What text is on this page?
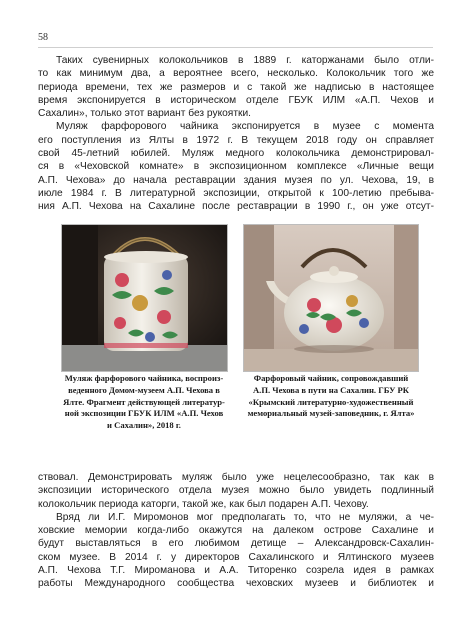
58
Таких сувенирных колокольчиков в 1889 г. каторжанами было отли-
то как минимум два, а вероятнее всего, несколько. Колокольчик того же
периода времени, тех же размеров и с такой же надписью в настоящее
время экспонируется в историческом отделе ГБУК ИЛМ «А.П. Чехов и
Сахалин», только этот вариант без рукоятки.
Муляж фарфорового чайника экспонируется в музее с момента
его поступления из Ялты в 1972 г. В текущем 2018 году он справляет
свой 45-летний юбилей. Муляж медного колокольчика демонстрировал-
ся в «Чеховской комнате» в экспозиционном комплексе «Личные вещи
А.П. Чехова» до начала реставрации здания музея по ул. Чехова, 19, в
июле 1984 г. В литературной экспозиции, открытой к 100-летию пребыва-
ния А.П. Чехова на Сахалине после реставрации в 1990 г., он уже отсут-
Муляж фарфорового чайника, воспроиз-
веденного Домом-музеем А.П. Чехова в
Ялте. Фрагмент действующей литератур-
ной экспозиции ГБУК ИЛМ «А.П. Чехов
и Сахалин», 2018 г.
Фарфоровый чайник, сопровождавший
А.П. Чехова в пути на Сахалин. ГБУ РК
«Крымский литературно-художественный
мемориальный музей-заповедник, г. Ялта»
ствовал. Демонстрировать муляж было уже нецелесообразно, так как в
экспозиции исторического отдела музея можно было увидеть подлинный
колокольчик периода каторги, такой же, как был подарен А.П. Чехову.
Вряд ли И.Г. Миромонов мог предполагать то, что не муляжи, а че-
ховские мемории когда-либо окажутся на далеком острове Сахалине и
будут выставляться в его любимом детище – Александровск-Сахалин-
ском музее. В 2014 г. у директоров Сахалинского и Ялтинского музеев
А.П. Чехова Т.Г. Мироманова и А.А. Титоренко созрела идея в рамках
работы Международного сообщества чеховских музеев и библиотек и
